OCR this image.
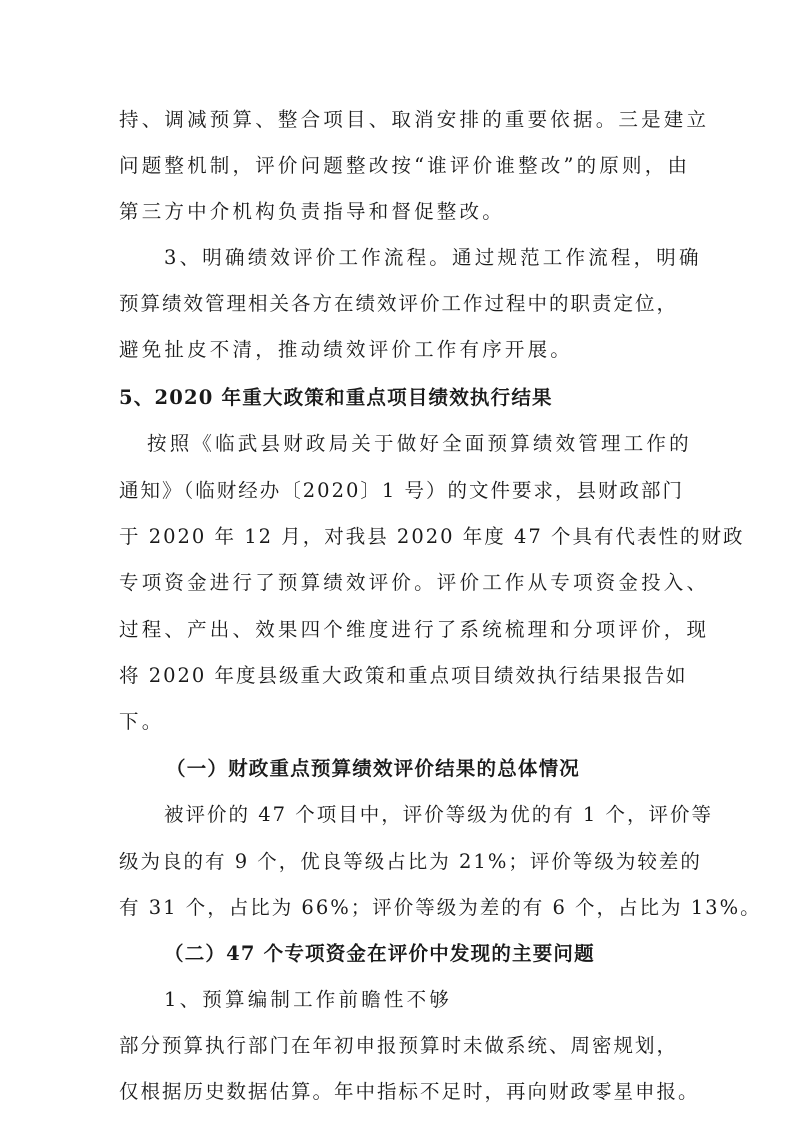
持、调减预算、整合项目、取消安排的重要依据。三是建立
问题整机制，评价问题整改按“谁评价谁整改”的原则，由
第三方中介机构负责指导和督促整改。
3、明确绩效评价工作流程。通过规范工作流程，明确
预算绩效管理相关各方在绩效评价工作过程中的职责定位，
避免扯皮不清，推动绩效评价工作有序开展。
5、2020 年重大政策和重点项目绩效执行结果
按照《临武县财政局关于做好全面预算绩效管理工作的
通知》（临财经办〔2020〕1 号）的文件要求，县财政部门
于 2020 年 12 月，对我县 2020 年度 47 个具有代表性的财政
专项资金进行了预算绩效评价。评价工作从专项资金投入、
过程、产出、效果四个维度进行了系统梳理和分项评价，现
将 2020 年度县级重大政策和重点项目绩效执行结果报告如
下。
（一）财政重点预算绩效评价结果的总体情况
被评价的 47 个项目中，评价等级为优的有 1 个，评价等
级为良的有 9 个，优良等级占比为 21%；评价等级为较差的
有 31 个，占比为 66%；评价等级为差的有 6 个，占比为 13%。
（二）47 个专项资金在评价中发现的主要问题
1、预算编制工作前瞻性不够
部分预算执行部门在年初申报预算时未做系统、周密规划，
仅根据历史数据估算。年中指标不足时，再向财政零星申报。
